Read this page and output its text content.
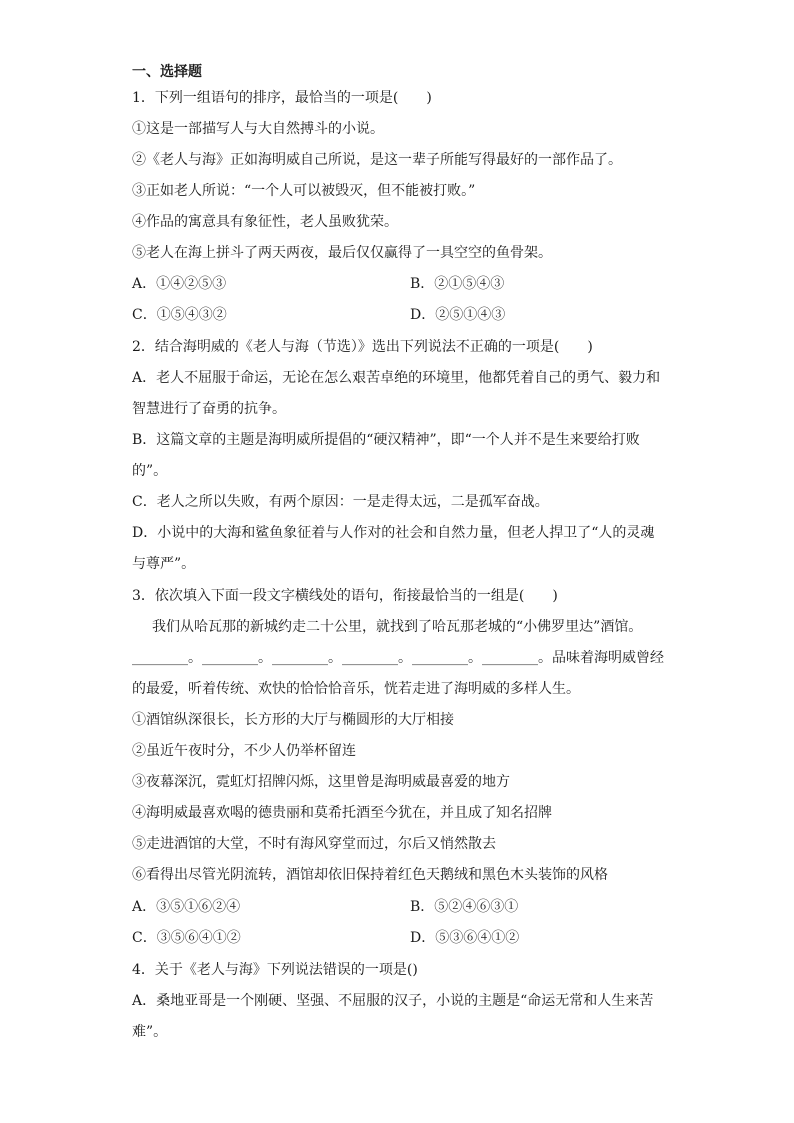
一、选择题
1．下列一组语句的排序，最恰当的一项是(　　)
①这是一部描写人与大自然搏斗的小说。
②《老人与海》正如海明威自己所说，是这一辈子所能写得最好的一部作品了。
③正如老人所说：“一个人可以被毁灭，但不能被打败。”
④作品的寓意具有象征性，老人虽败犹荣。
⑤老人在海上拼斗了两天两夜，最后仅仅赢得了一具空空的鱼骨架。
A．①④②⑤③	B．②①⑤④③
C．①⑤④③②	D．②⑤①④③
2．结合海明威的《老人与海（节选）》选出下列说法不正确的一项是(　　)
A．老人不屈服于命运，无论在怎么艰苦卓绝的环境里，他都凭着自己的勇气、毅力和
智慧进行了奋勇的抗争。
B．这篇文章的主题是海明威所提倡的“硬汉精神”，即“一个人并不是生来要给打败
的”。
C．老人之所以失败，有两个原因：一是走得太远，二是孤军奋战。
D．小说中的大海和鲨鱼象征着与人作对的社会和自然力量，但老人捍卫了“人的灵魂
与尊严”。
3．依次填入下面一段文字横线处的语句，衔接最恰当的一组是(　　)
我们从哈瓦那的新城约走二十公里，就找到了哈瓦那老城的“小佛罗里达”酒馆。
________。________。________。________。________。________。品味着海明威曾经
的最爱，听着传统、欢快的恰恰恰音乐，恍若走进了海明威的多样人生。
①酒馆纵深很长，长方形的大厅与椭圆形的大厅相接
②虽近午夜时分，不少人仍举杯留连
③夜幕深沉，霓虹灯招牌闪烁，这里曾是海明威最喜爱的地方
④海明威最喜欢喝的德贵丽和莫希托酒至今犹在，并且成了知名招牌
⑤走进酒馆的大堂，不时有海风穿堂而过，尔后又悄然散去
⑥看得出尽管光阴流转，酒馆却依旧保持着红色天鹅绒和黑色木头装饰的风格
A．③⑤①⑥②④	B．⑤②④⑥③①
C．③⑤⑥④①②	D．⑤③⑥④①②
4．关于《老人与海》下列说法错误的一项是()
A．桑地亚哥是一个刚硬、坚强、不屈服的汉子，小说的主题是“命运无常和人生来苦
难”。
